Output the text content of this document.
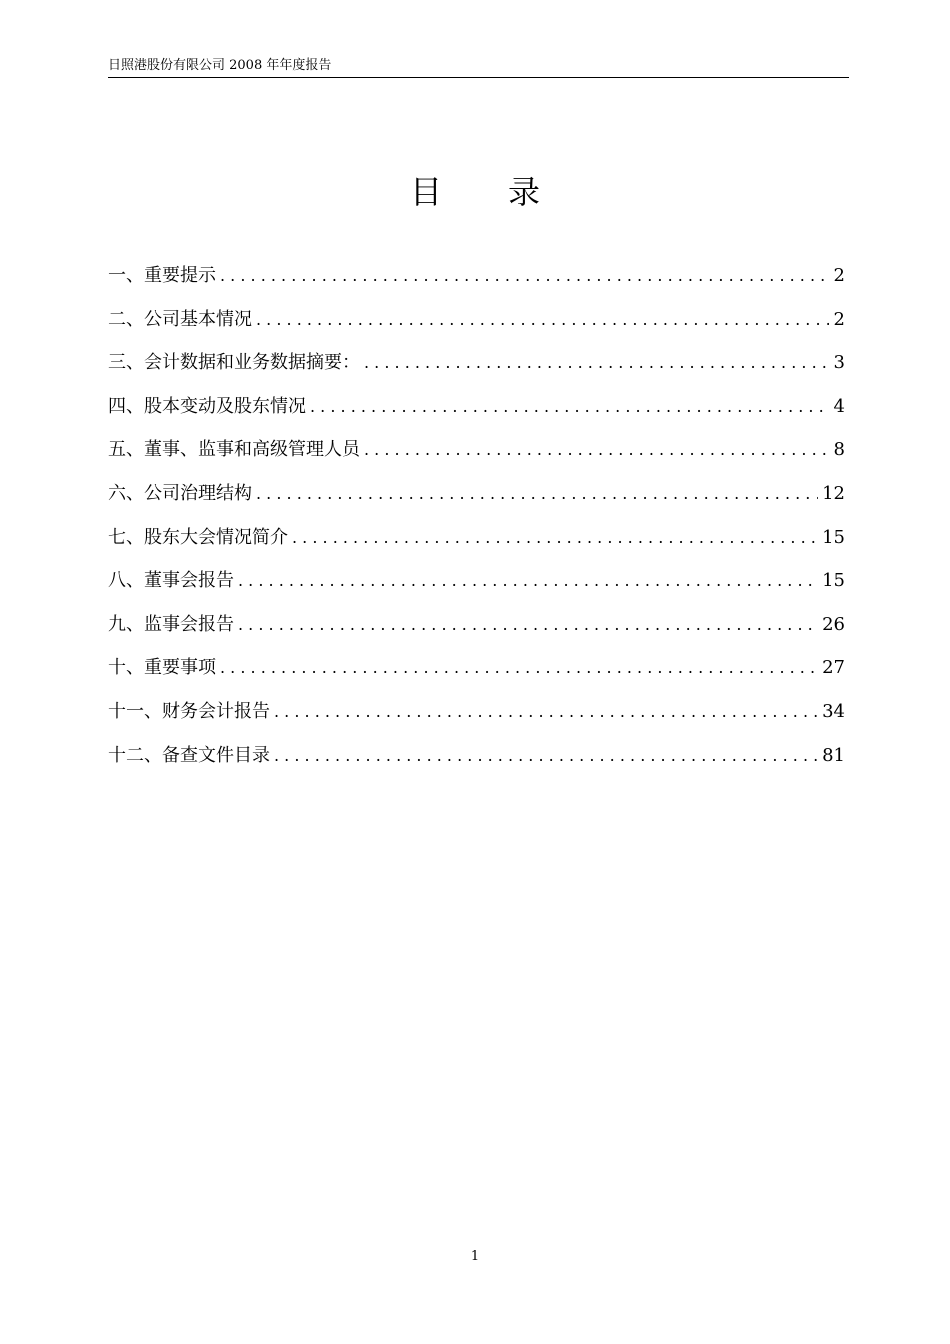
日照港股份有限公司 2008 年年度报告
目 录
一、重要提示 . . .	2
二、公司基本情况 . . .	2
三、会计数据和业务数据摘要： . . .	3
四、股本变动及股东情况 . . .	4
五、董事、监事和高级管理人员 . . .	8
六、公司治理结构 . . .	12
七、股东大会情况简介 . . .	15
八、董事会报告 . . .	15
九、监事会报告 . . .	26
十、重要事项 . . .	27
十一、财务会计报告 . . .	34
十二、备查文件目录 . . .	81
1
